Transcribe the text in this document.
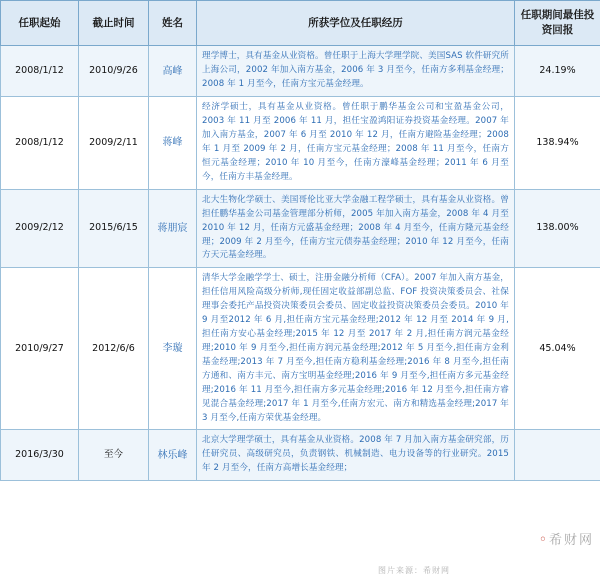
任职起始	截止时间	姓名	所获学位及任职经历	任职期间最佳投资回报
2008/1/12	2010/9/26	高峰	理学博士，具有基金从业资格。曾任职于上海大学理学院、美国SAS 软件研究所上海公司，2002 年加入南方基金，2006 年 3 月至今，任南方多利基金经理；2008 年 1 月至今，任南方宝元基金经理。	24.19%
2008/1/12	2009/2/11	蒋峰	经济学硕士，具有基金从业资格。曾任职于鹏华基金公司和宝盈基金公司，2003 年 11 月至 2006 年 11 月，担任宝盈鸿阳证券投资基金经理。2007 年加入南方基金，2007 年 6 月至 2010 年 12 月，任南方避险基金经理；2008 年 1 月至 2009 年 2 月，任南方宝元基金经理；2008 年 11 月至今，任南方恒元基金经理；2010 年 10 月至今，任南方濠峰基金经理；2011 年 6 月至今，任南方丰基金经理。	138.94%
2009/2/12	2015/6/15	蒋朋宸	北大生物化学硕士、美国哥伦比亚大学金融工程学硕士，具有基金从业资格。曾担任鹏华基金公司基金管理部分析师，2005 年加入南方基金，2008 年 4 月至 2010 年 12 月，任南方元盛基金经理；2008 年 4 月至今，任南方隆元基金经理；2009 年 2 月至今，任南方宝元债券基金经理；2010 年 12 月至今，任南方天元基金经理。	138.00%
2010/9/27	2012/6/6	李璇	清华大学金融学学士、硕士，注册金融分析师（CFA）。2007 年加入南方基金，担任信用风险高级分析师,现任固定收益部副总监、FOF 投资决策委员会、社保理事会委托产品投资决策委员会委员、固定收益投资决策委员会委员。2010 年 9 月至2012 年 6 月,担任南方宝元基金经理;2012 年 12 月至 2014 年 9 月,担任南方安心基金经理;2015 年 12 月至 2017 年 2 月,担任南方润元基金经理;2010 年 9 月至今,担任南方润元基金经理;2012 年 5 月至今,担任南方金利基金经理;2013 年 7 月至今,担任南方稳利基金经理;2016 年 8 月至今,担任南方通和、南方丰元、南方宝明基金经理;2016 年 9 月至今,担任南方多元基金经理;2016 年 11 月至今,担任南方多元基金经理;2016 年 12 月至今,担任南方睿见混合基金经理;2017 年 1 月至今,任南方宏元、南方和精选基金经理;2017 年 3 月至今,任南方荣优基金经理。	45.04%
2016/3/30	至今	林乐峰	北京大学理学硕士，具有基金从业资格。2008 年 7 月加入南方基金研究部，历任研究员、高级研究员，负责钢铁、机械制造、电力设备等的行业研究。2015 年 2 月至今，任南方高增长基金经理；	
◦希财网
图片来源：希财网
